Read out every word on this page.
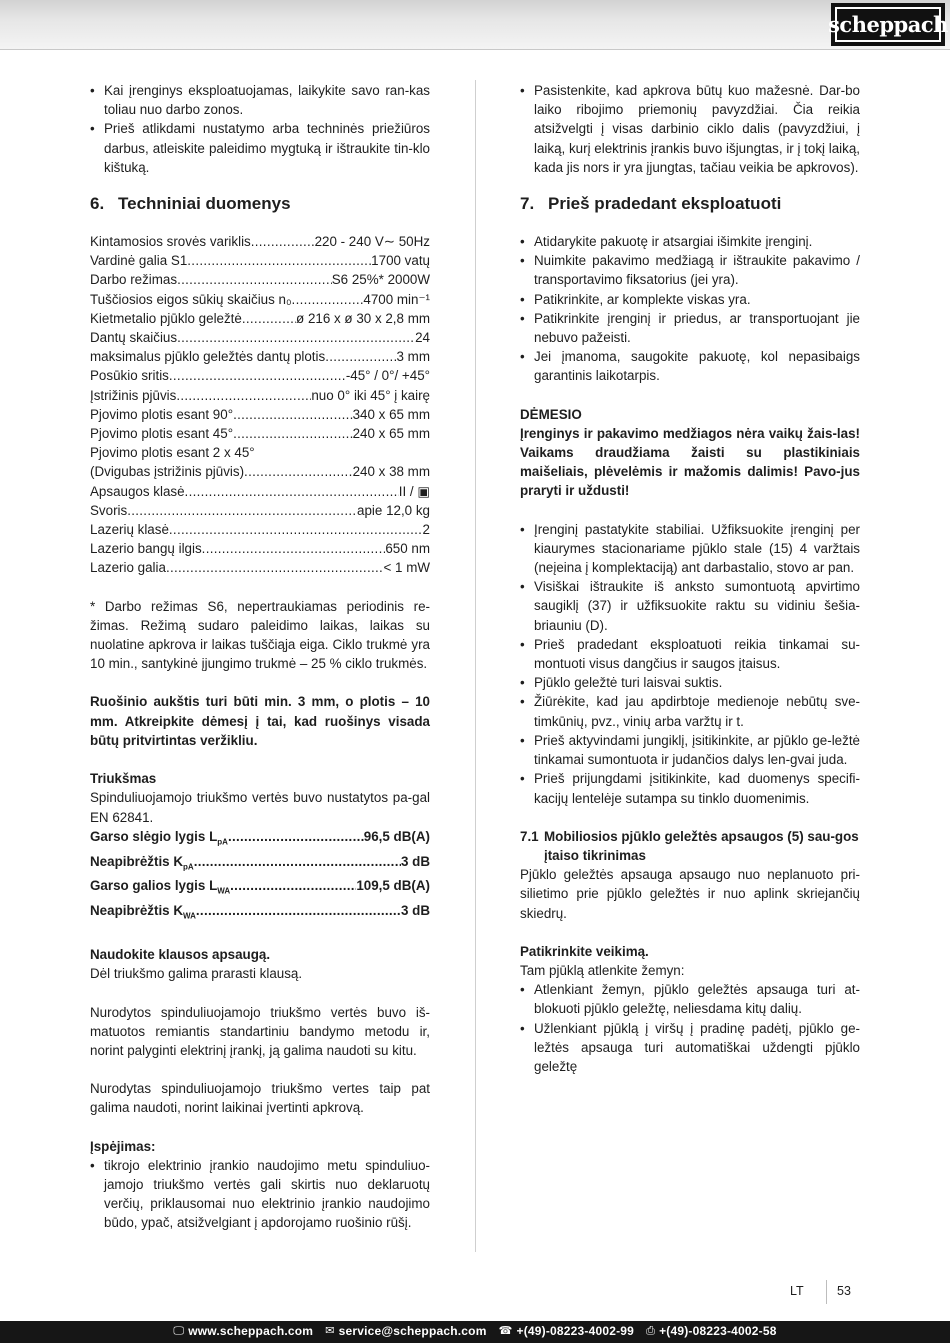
scheppach
• Kai įrenginys eksploatuojamas, laikykite savo ran-kas toliau nuo darbo zonos.
• Prieš atlikdami nustatymo arba techninės priežiūros darbus, atleiskite paleidimo mygtuką ir ištraukite tin-klo kištuką.
6. Techniniai duomenys
Kintamosios srovės variklis .....	220 - 240 V∼ 50Hz
Vardinė galia S1 .....	1700 vatų
Darbo režimas .....	S6 25%* 2000W
Tuščiosios eigos sūkių skaičius n₀ .....	4700 min⁻¹
Kietmetalio pjūklo geležtė .....	ø 216 x ø 30 x 2,8 mm
Dantų skaičius .....	24
maksimalus pjūklo geležtės dantų plotis .....	3 mm
Posūkio sritis .....	-45° / 0°/ +45°
Įstrižinis pjūvis .....	nuo 0° iki 45° į kairę
Pjovimo plotis esant 90° .....	340 x 65 mm
Pjovimo plotis esant 45° .....	240 x 65 mm
Pjovimo plotis esant 2 x 45°
(Dvigubas įstrižinis pjūvis) .....	240 x 38 mm
Apsaugos klasė .....	II / ▣
Svoris .....	apie 12,0 kg
Lazerių klasė .....	2
Lazerio bangų ilgis .....	650 nm
Lazerio galia .....	< 1 mW

* Darbo režimas S6, nepertraukiamas periodinis re-žimas. Režimą sudaro paleidimo laikas, laikas su nuolatine apkrova ir laikas tuščiąja eiga. Ciklo trukmė yra 10 min., santykinė įjungimo trukmė – 25 % ciklo trukmės.

Ruošinio aukštis turi būti min. 3 mm, o plotis – 10 mm. Atkreipkite dėmesį į tai, kad ruošinys visada būtų pritvirtintas veržikliu.

Triukšmas

Spinduliuojamojo triukšmo vertės buvo nustatytos pa-gal EN 62841.

Garso slėgio lygis $L_{pA}$ .....	96,5 dB(A)
Neapibrėžtis $K_{pA}$ .....	3 dB
Garso galios lygis $L_{WA}$ .....	109,5 dB(A)
Neapibrėžtis $K_{WA}$ .....	3 dB

Naudokite klausos apsaugą.

Dėl triukšmo galima prarasti klausą.

Nurodytos spinduliuojamojo triukšmo vertės buvo iš-matuotos remiantis standartiniu bandymo metodu ir, norint palyginti elektrinį įrankį, ją galima naudoti su kitu.

Nurodytas spinduliuojamojo triukšmo vertes taip pat galima naudoti, norint laikinai įvertinti apkrovą.

Įspėjimas:

• tikrojo elektrinio įrankio naudojimo metu spinduliuo-jamojo triukšmo vertės gali skirtis nuo deklaruotų verčių, priklausomai nuo elektrinio įrankio naudojimo būdo, ypač, atsižvelgiant į apdorojamo ruošinio rūšį.
• Pasistenkite, kad apkrova būtų kuo mažesnė. Dar-bo laiko ribojimo priemonių pavyzdžiai. Čia reikia atsižvelgti į visas darbinio ciklo dalis (pavyzdžiui, į laiką, kurį elektrinis įrankis buvo išjungtas, ir į tokį laiką, kada jis nors ir yra įjungtas, tačiau veikia be apkrovos).
7. Prieš pradedant eksploatuoti
• Atidarykite pakuotę ir atsargiai išimkite įrenginį.
• Nuimkite pakavimo medžiagą ir ištraukite pakavimo / transportavimo fiksatorius (jei yra).
• Patikrinkite, ar komplekte viskas yra.
• Patikrinkite įrenginį ir priedus, ar transportuojant jie nebuvo pažeisti.
• Jei įmanoma, saugokite pakuotę, kol nepasibaigs garantinis laikotarpis.

DĖMESIO

Įrenginys ir pakavimo medžiagos nėra vaikų žais-las! Vaikams draudžiama žaisti su plastikiniais maišeliais, plėvelėmis ir mažomis dalimis! Pavo-jus praryti ir uždusti!

• Įrenginį pastatykite stabiliai. Užfiksuokite įrenginį per kiaurymes stacionariame pjūklo stale (15) 4 varžtais (neįeina į komplektaciją) ant darbastalio, stovo ar pan.
• Visiškai ištraukite iš anksto sumontuotą apvirtimo saugiklį (37) ir užfiksuokite raktu su vidiniu šešia-briauniu (D).
• Prieš pradedant eksploatuoti reikia tinkamai su-montuoti visus dangčius ir saugos įtaisus.
• Pjūklo geležtė turi laisvai suktis.
• Žiūrėkite, kad jau apdirbtoje medienoje nebūtų sve-timkūnių, pvz., vinių arba varžtų ir t.
• Prieš aktyvindami jungiklį, įsitikinkite, ar pjūklo ge-ležtė tinkamai sumontuota ir judančios dalys len-gvai juda.
• Prieš prijungdami įsitikinkite, kad duomenys specifi-kacijų lentelėje sutampa su tinklo duomenimis.
7.1 Mobiliosios pjūklo geležtės apsaugos (5) sau-gos įtaiso tikrinimas

Pjūklo geležtės apsauga apsaugo nuo neplanuoto pri-silietimo prie pjūklo geležtės ir nuo aplink skriejančių skiedrų.

Patikrinkite veikimą.

Tam pjūklą atlenkite žemyn:

• Atlenkiant žemyn, pjūklo geležtės apsauga turi at-blokuoti pjūklo geležtę, neliesdama kitų dalių.
• Užlenkiant pjūklą į viršų į pradinę padėtį, pjūklo ge-ležtės apsauga turi automatiškai uždengti pjūklo geležtę
LT	53
🖵 www.scheppach.com ✉ service@scheppach.com ☎ +(49)-08223-4002-99 ⎙ +(49)-08223-4002-58
